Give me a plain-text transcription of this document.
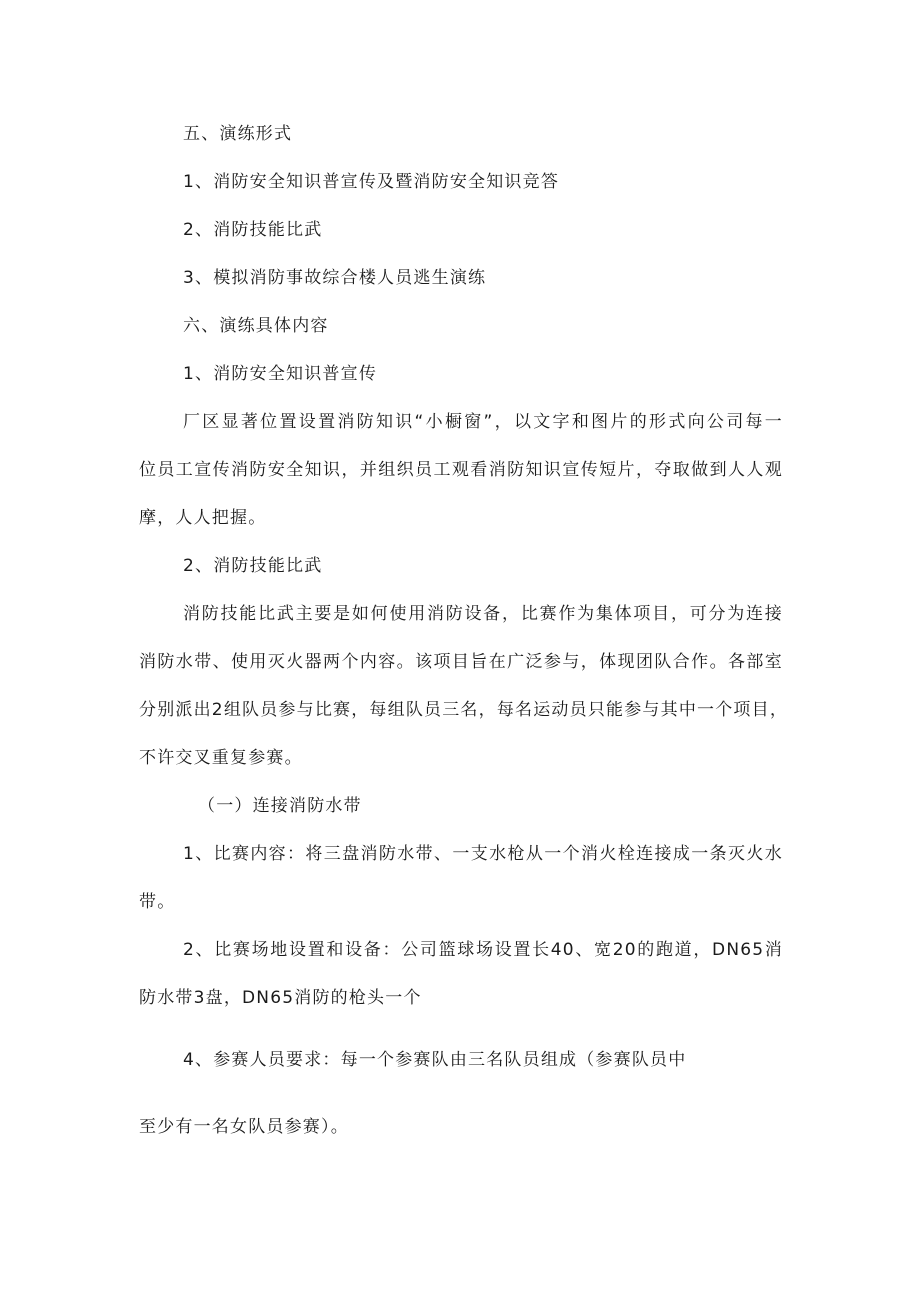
五、演练形式
1、消防安全知识普宣传及暨消防安全知识竞答
2、消防技能比武
3、模拟消防事故综合楼人员逃生演练
六、演练具体内容
1、消防安全知识普宣传
厂区显著位置设置消防知识“小橱窗”，以文字和图片的形式向公司每一
位员工宣传消防安全知识，并组织员工观看消防知识宣传短片，夺取做到人人观
摩，人人把握。
2、消防技能比武
消防技能比武主要是如何使用消防设备，比赛作为集体项目，可分为连接
消防水带、使用灭火器两个内容。该项目旨在广泛参与，体现团队合作。各部室
分别派出2组队员参与比赛，每组队员三名，每名运动员只能参与其中一个项目，
不许交叉重复参赛。
（一）连接消防水带
1、比赛内容：将三盘消防水带、一支水枪从一个消火栓连接成一条灭火水
带。
2、比赛场地设置和设备：公司篮球场设置长40、宽20的跑道，DN65消
防水带3盘，DN65消防的枪头一个
4、参赛人员要求：每一个参赛队由三名队员组成（参赛队员中
至少有一名女队员参赛）。
